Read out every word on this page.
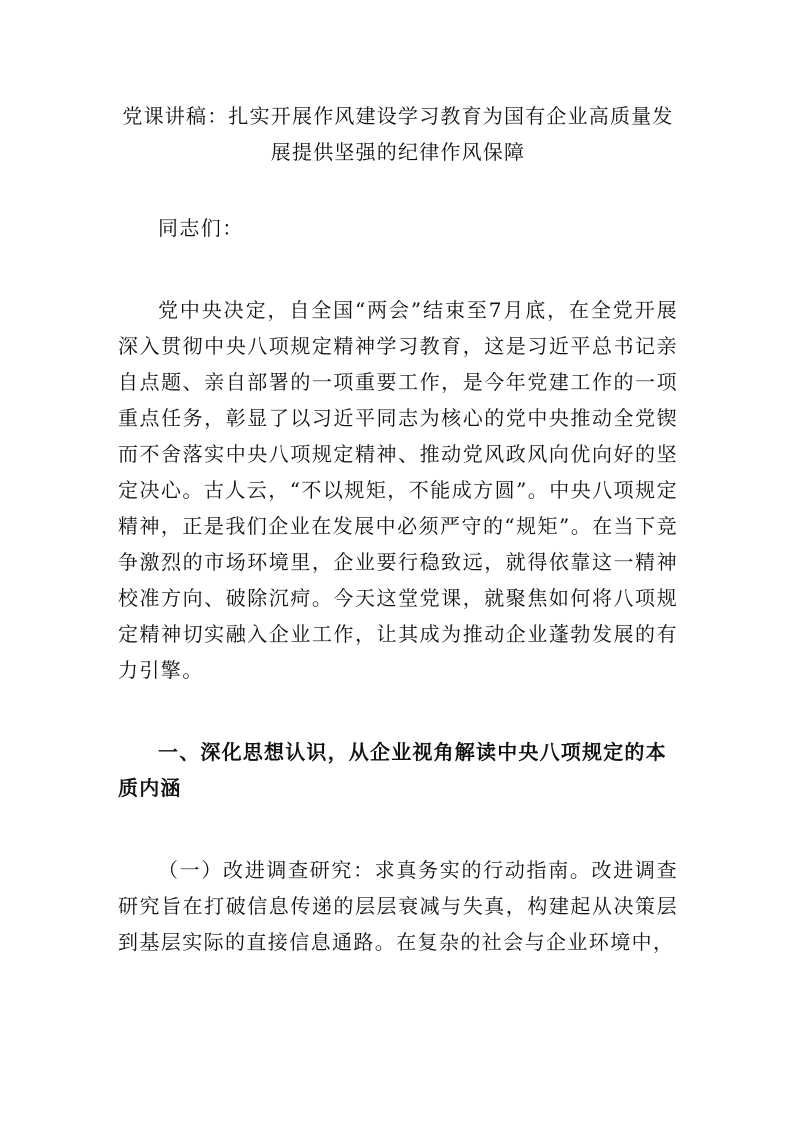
党课讲稿：扎实开展作风建设学习教育为国有企业高质量发
展提供坚强的纪律作风保障

同志们：

党中央决定，自全国“两会”结束至7月底，在全党开展深入贯彻中央八项规定精神学习教育，这是习近平总书记亲自点题、亲自部署的一项重要工作，是今年党建工作的一项重点任务，彰显了以习近平同志为核心的党中央推动全党锲而不舍落实中央八项规定精神、推动党风政风向优向好的坚定决心。古人云，“不以规矩，不能成方圆”。中央八项规定精神，正是我们企业在发展中必须严守的“规矩”。在当下竞争激烈的市场环境里，企业要行稳致远，就得依靠这一精神校准方向、破除沉疴。今天这堂党课，就聚焦如何将八项规定精神切实融入企业工作，让其成为推动企业蓬勃发展的有力引擎。

一、深化思想认识，从企业视角解读中央八项规定的本质内涵

（一）改进调查研究：求真务实的行动指南。改进调查研究旨在打破信息传递的层层衰减与失真，构建起从决策层到基层实际的直接信息通路。在复杂的社会与企业环境中，
